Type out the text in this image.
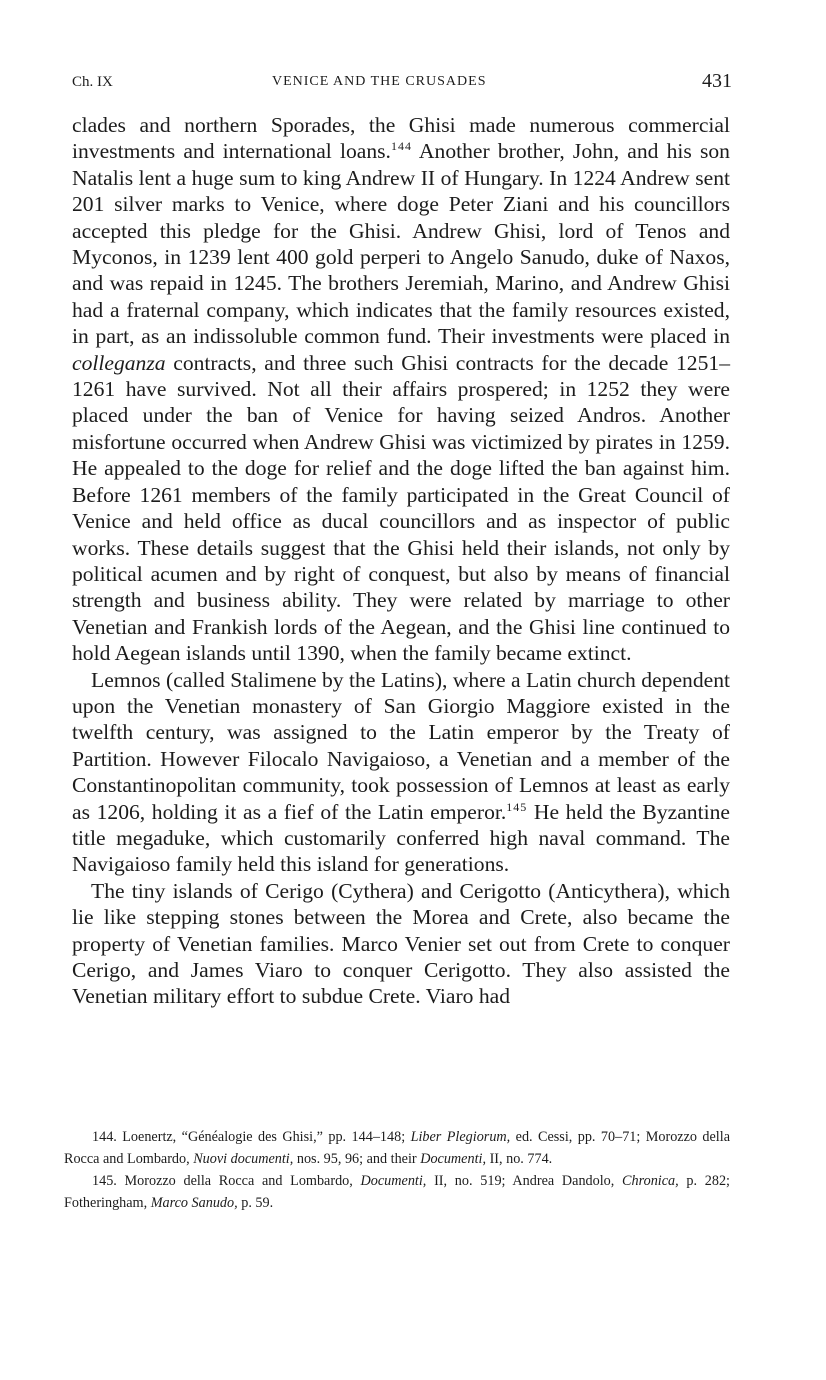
Ch. IX	VENICE AND THE CRUSADES	431

clades and northern Sporades, the Ghisi made numerous commercial investments and international loans.$^{144}$ Another brother, John, and his son Natalis lent a huge sum to king Andrew II of Hungary. In 1224 Andrew sent 201 silver marks to Venice, where doge Peter Ziani and his councillors accepted this pledge for the Ghisi. Andrew Ghisi, lord of Tenos and Myconos, in 1239 lent 400 gold perperi to Angelo Sanudo, duke of Naxos, and was repaid in 1245. The brothers Jeremiah, Marino, and Andrew Ghisi had a fraternal company, which indicates that the family resources existed, in part, as an indissoluble common fund. Their investments were placed in colleganza contracts, and three such Ghisi contracts for the decade 1251–1261 have survived. Not all their affairs prospered; in 1252 they were placed under the ban of Venice for having seized Andros. Another misfortune occurred when Andrew Ghisi was victimized by pirates in 1259. He appealed to the doge for relief and the doge lifted the ban against him. Before 1261 members of the family participated in the Great Council of Venice and held office as ducal councillors and as inspector of public works. These details suggest that the Ghisi held their islands, not only by political acumen and by right of conquest, but also by means of financial strength and business ability. They were related by marriage to other Venetian and Frankish lords of the Aegean, and the Ghisi line continued to hold Aegean islands until 1390, when the family became extinct.

Lemnos (called Stalimene by the Latins), where a Latin church dependent upon the Venetian monastery of San Giorgio Maggiore existed in the twelfth century, was assigned to the Latin emperor by the Treaty of Partition. However Filocalo Navigaioso, a Venetian and a member of the Constantinopolitan community, took possession of Lemnos at least as early as 1206, holding it as a fief of the Latin emperor.$^{145}$ He held the Byzantine title megaduke, which customarily conferred high naval command. The Navigaioso family held this island for generations.

The tiny islands of Cerigo (Cythera) and Cerigotto (Anticythera), which lie like stepping stones between the Morea and Crete, also became the property of Venetian families. Marco Venier set out from Crete to conquer Cerigo, and James Viaro to conquer Cerigotto. They also assisted the Venetian military effort to subdue Crete. Viaro had

144. Loenertz, “Généalogie des Ghisi,” pp. 144–148; Liber Plegiorum, ed. Cessi, pp. 70–71; Morozzo della Rocca and Lombardo, Nuovi documenti, nos. 95, 96; and their Documenti, II, no. 774.

145. Morozzo della Rocca and Lombardo, Documenti, II, no. 519; Andrea Dandolo, Chronica, p. 282; Fotheringham, Marco Sanudo, p. 59.
